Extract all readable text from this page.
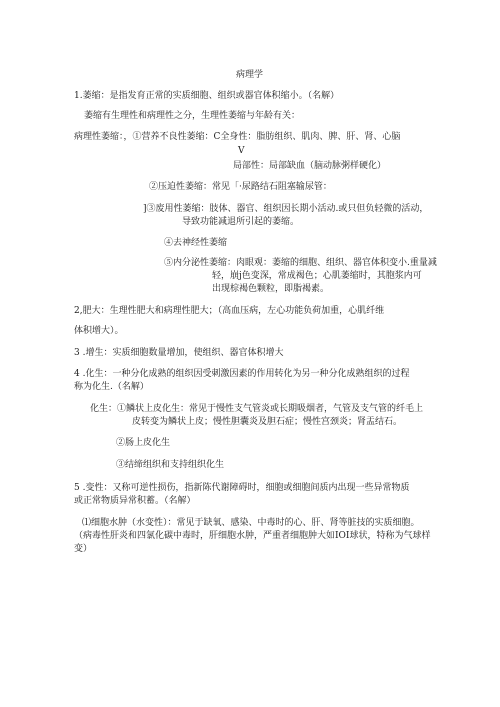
病理学
1.萎缩：是指发育正常的实质细胞、组织或器官体积缩小。（名解）
萎缩有生理性和病理性之分，生理性萎缩与年龄有关：
病理性萎缩：，①营养不良性萎缩：C全身性：脂肪组织、肌肉、脾、肝、肾、心脑
V
局部性：局部缺血（脑动脉粥样硬化）
②压迫性萎缩：常见「·尿路结石阻塞输尿管：
]③废用性萎缩：肢体、器官、组织因长期小活动.或只但负轻微的活动，
导致功能减退所引起的萎缩。
④去神经性萎缩
⑤内分泌性萎缩：肉眼观：萎缩的细胞、组织、器官体积变小.重量减
轻，崩j色变深，常成褐色；心肌萎缩时，其胞浆内可
出现棕褐色颗粒，即脂褐素。
2,肥大：生理性肥大和病理性肥大；（高血压病，左心功能负荷加重，心肌纤维
体积增大）。
3 .增生：实质细胞数量增加，使组织、器官体积增大
4 .化生：一种分化成熟的组织因受刺激因素的作用转化为另一种分化成熟组织的过程
称为化生.（名解）
化生：①鳞状上皮化生：常见于慢性支气管炎或长期吸烟者，气管及支气管的纤毛上
皮转变为鳞状上皮；慢性胆囊炎及胆石症；慢性宫颈炎；肾盂结石。
②肠上皮化生
③结缔组织和支持组织化生
5 .变性：又称可逆性损伤，指新陈代谢障碍时，细胞或细胞间质内出现一些异常物质
或正常物质异常积蓄。（名解）
⑴细胞水肿（水变性）：常见于缺氧、感染、中毒时的心、肝、肾等脏技的实质细胞。
（病毒性肝炎和四氯化碳中毒时，肝细胞水肿，严重者细胞肿大如IOI球状，特称为气球样
变）
